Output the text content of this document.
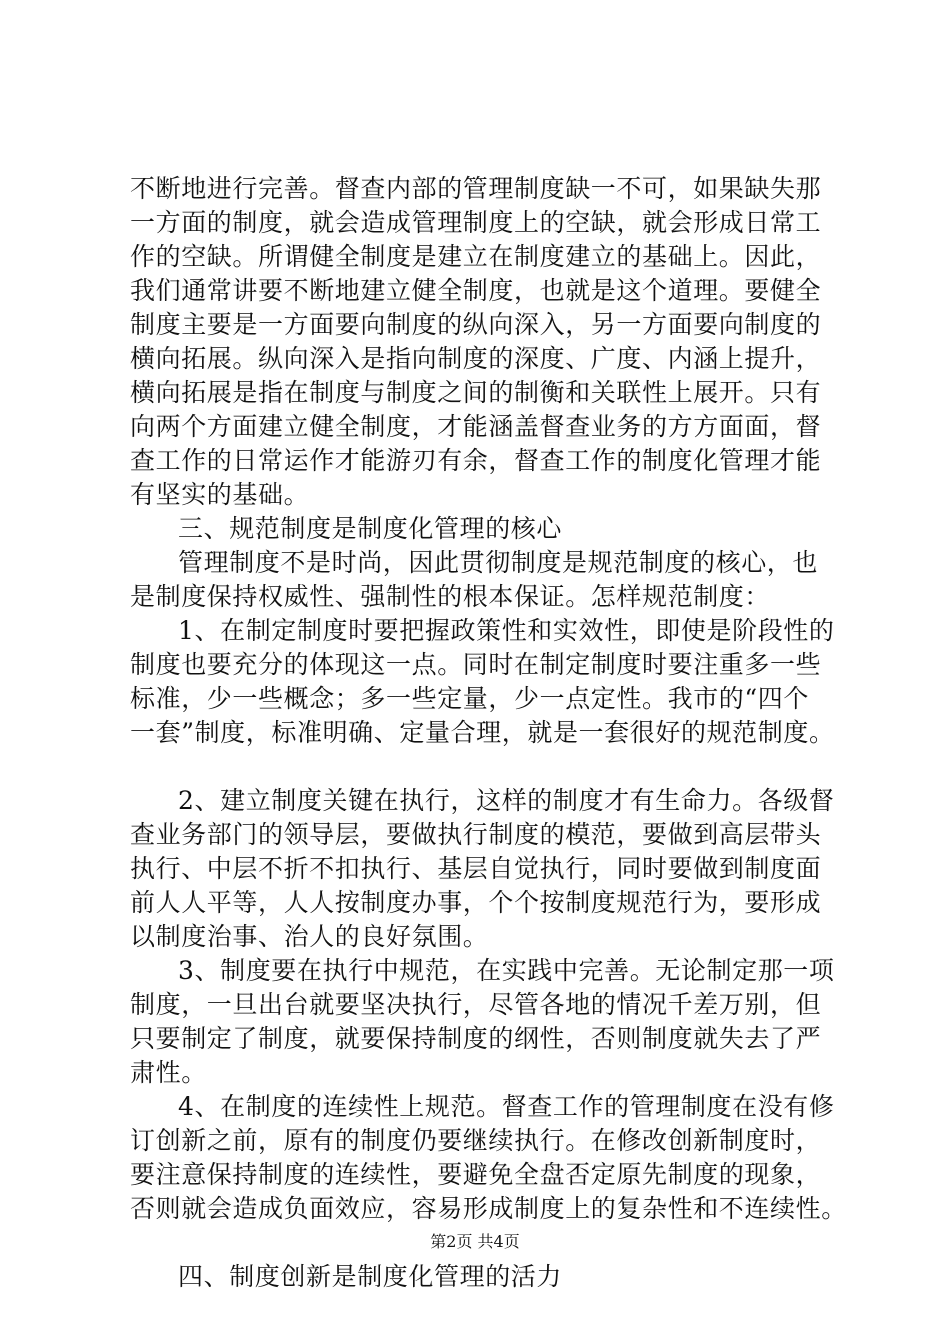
不断地进行完善。督查内部的管理制度缺一不可，如果缺失那
一方面的制度，就会造成管理制度上的空缺，就会形成日常工
作的空缺。所谓健全制度是建立在制度建立的基础上。因此，
我们通常讲要不断地建立健全制度，也就是这个道理。要健全
制度主要是一方面要向制度的纵向深入，另一方面要向制度的
横向拓展。纵向深入是指向制度的深度、广度、内涵上提升，
横向拓展是指在制度与制度之间的制衡和关联性上展开。只有
向两个方面建立健全制度，才能涵盖督查业务的方方面面，督
查工作的日常运作才能游刃有余，督查工作的制度化管理才能
有坚实的基础。
三、规范制度是制度化管理的核心
管理制度不是时尚，因此贯彻制度是规范制度的核心，也
是制度保持权威性、强制性的根本保证。怎样规范制度：
1、在制定制度时要把握政策性和实效性，即使是阶段性的
制度也要充分的体现这一点。同时在制定制度时要注重多一些
标准，少一些概念；多一些定量，少一点定性。我市的“四个
一套”制度，标准明确、定量合理，就是一套很好的规范制度。
2、建立制度关键在执行，这样的制度才有生命力。各级督
查业务部门的领导层，要做执行制度的模范，要做到高层带头
执行、中层不折不扣执行、基层自觉执行，同时要做到制度面
前人人平等，人人按制度办事，个个按制度规范行为，要形成
以制度治事、治人的良好氛围。
3、制度要在执行中规范，在实践中完善。无论制定那一项
制度，一旦出台就要坚决执行，尽管各地的情况千差万别，但
只要制定了制度，就要保持制度的纲性，否则制度就失去了严
肃性。
4、在制度的连续性上规范。督查工作的管理制度在没有修
订创新之前，原有的制度仍要继续执行。在修改创新制度时，
要注意保持制度的连续性，要避免全盘否定原先制度的现象，
否则就会造成负面效应，容易形成制度上的复杂性和不连续性。
四、制度创新是制度化管理的活力
第2页 共4页
